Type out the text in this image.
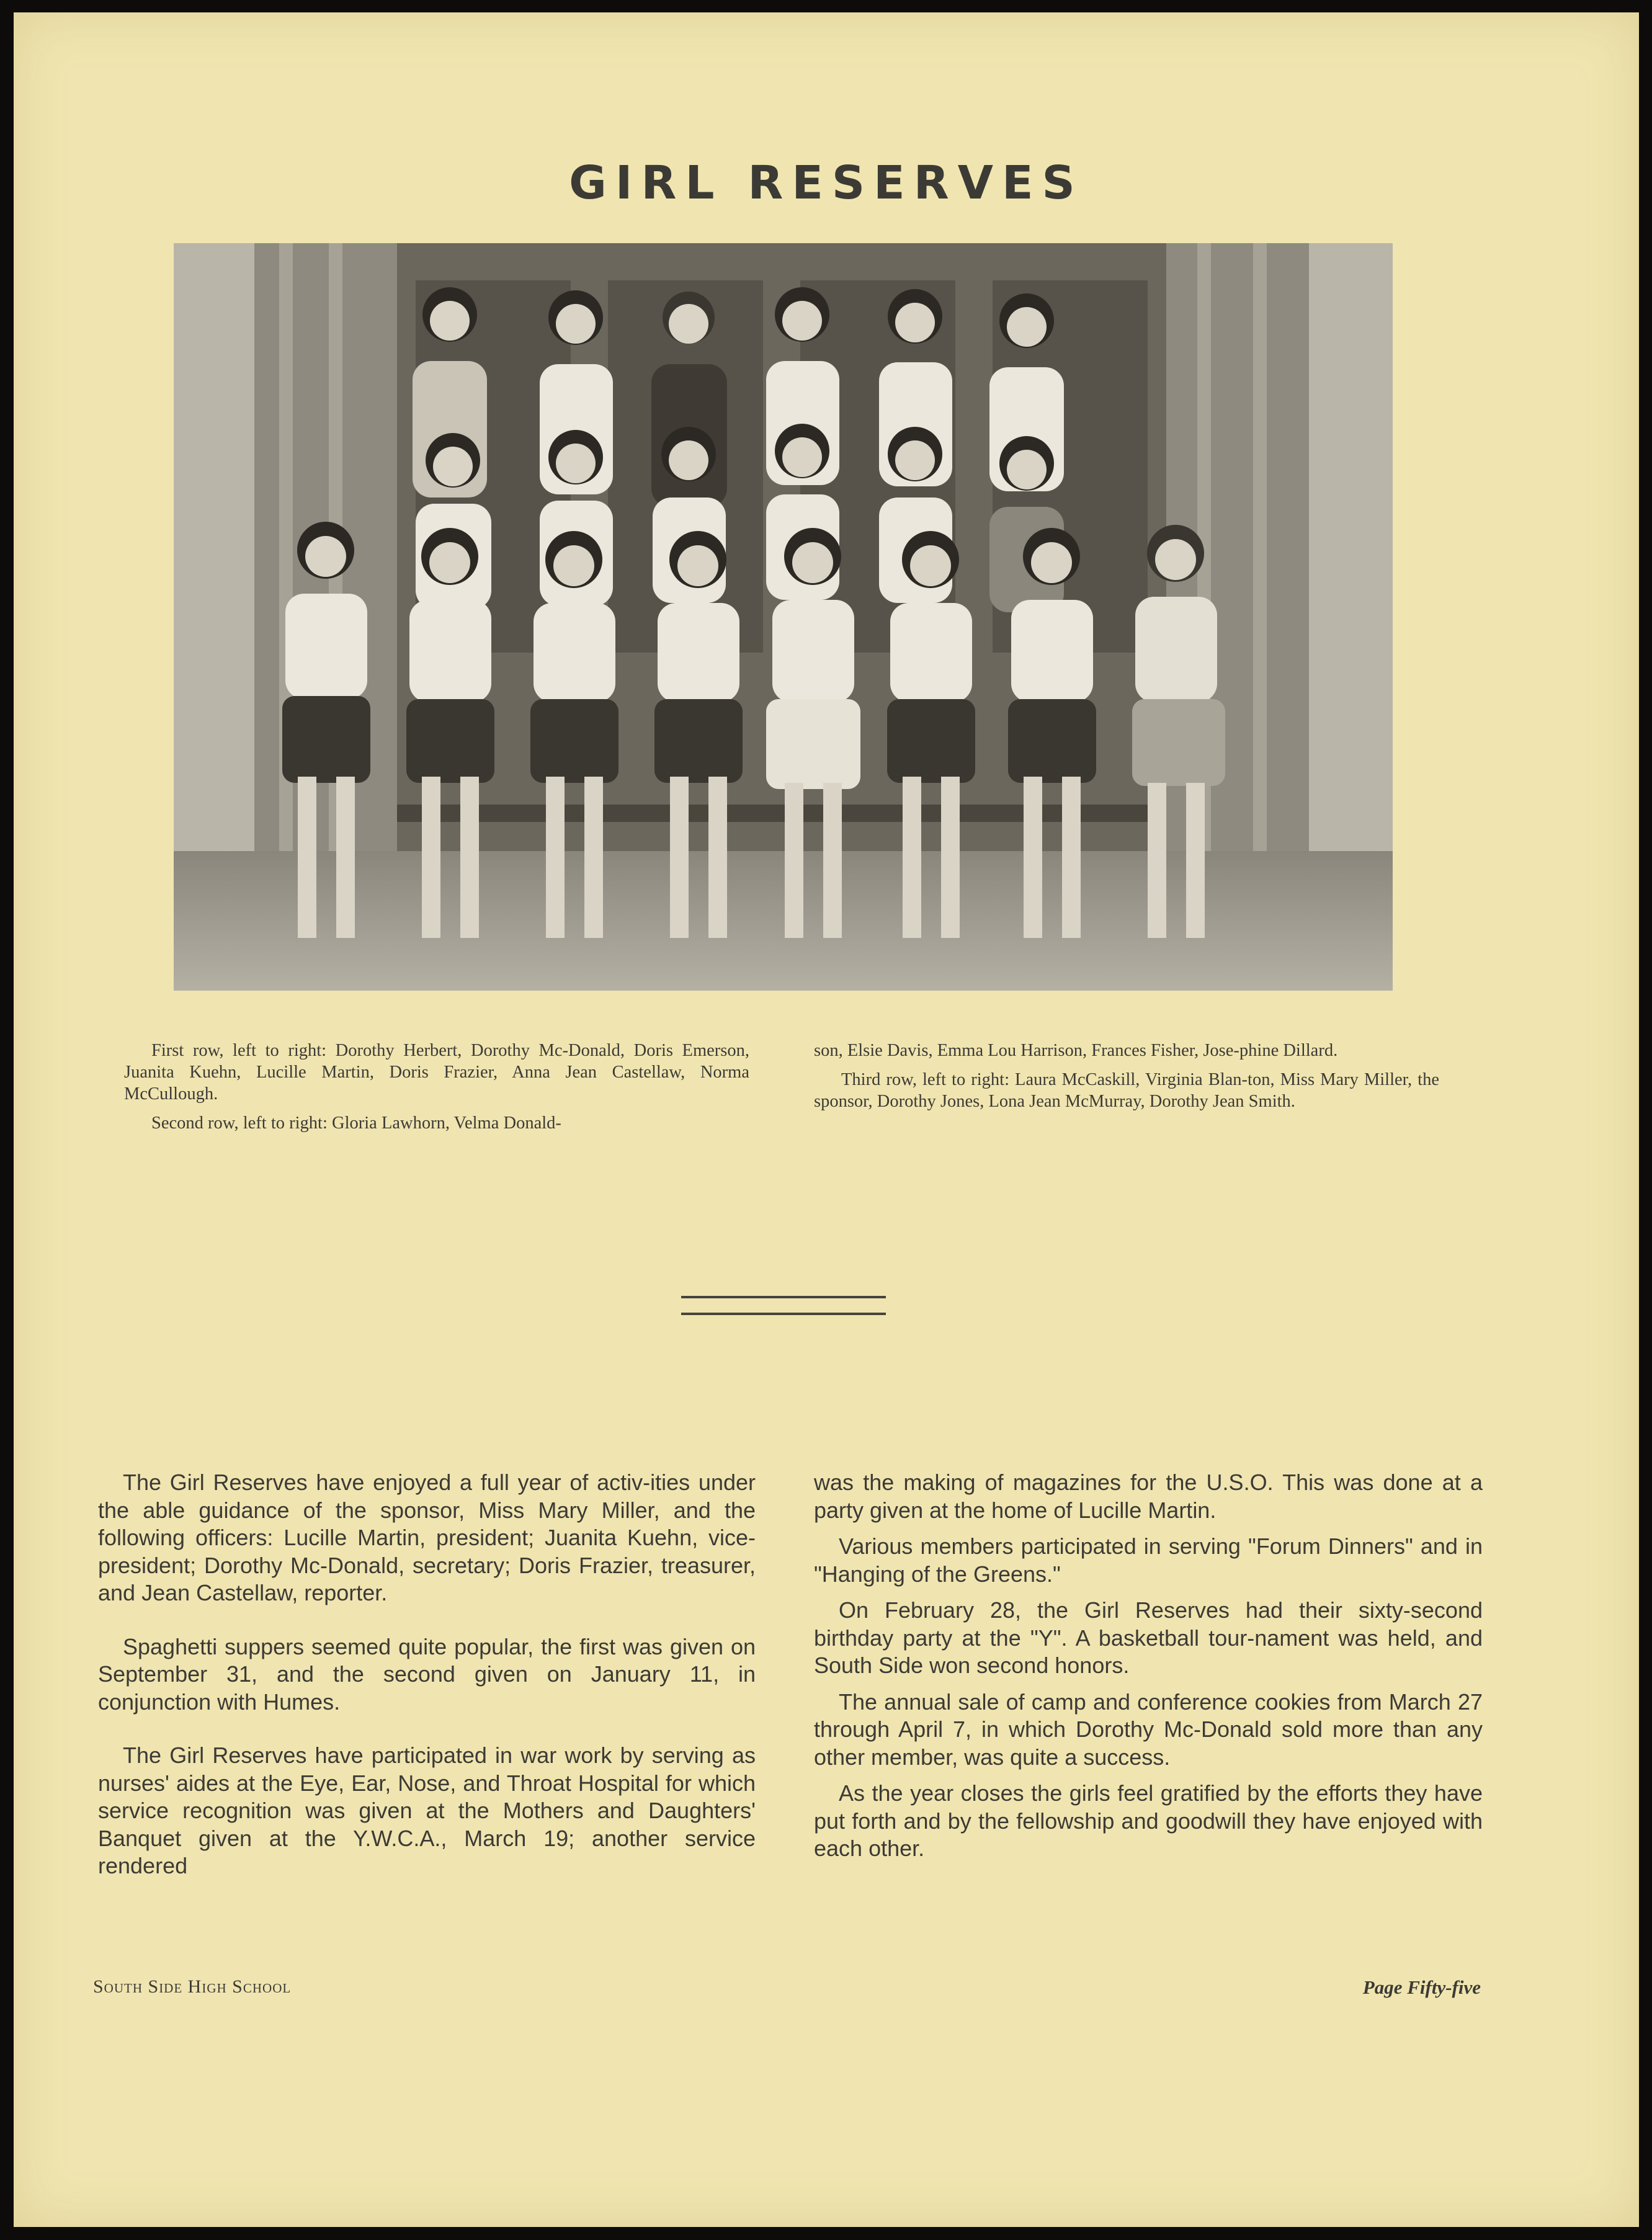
GIRL RESERVES

First row, left to right: Dorothy Herbert, Dorothy Mc-Donald, Doris Emerson, Juanita Kuehn, Lucille Martin, Doris Frazier, Anna Jean Castellaw, Norma McCullough.

Second row, left to right: Gloria Lawhorn, Velma Donald-

son, Elsie Davis, Emma Lou Harrison, Frances Fisher, Jose-phine Dillard.

Third row, left to right: Laura McCaskill, Virginia Blan-ton, Miss Mary Miller, the sponsor, Dorothy Jones, Lona Jean McMurray, Dorothy Jean Smith.

The Girl Reserves have enjoyed a full year of activ-ities under the able guidance of the sponsor, Miss Mary Miller, and the following officers: Lucille Martin, president; Juanita Kuehn, vice-president; Dorothy Mc-Donald, secretary; Doris Frazier, treasurer, and Jean Castellaw, reporter.

Spaghetti suppers seemed quite popular, the first was given on September 31, and the second given on January 11, in conjunction with Humes.

The Girl Reserves have participated in war work by serving as nurses' aides at the Eye, Ear, Nose, and Throat Hospital for which service recognition was given at the Mothers and Daughters' Banquet given at the Y.W.C.A., March 19; another service rendered

was the making of magazines for the U.S.O. This was done at a party given at the home of Lucille Martin.

Various members participated in serving "Forum Dinners" and in "Hanging of the Greens."

On February 28, the Girl Reserves had their sixty-second birthday party at the "Y". A basketball tour-nament was held, and South Side won second honors.

The annual sale of camp and conference cookies from March 27 through April 7, in which Dorothy Mc-Donald sold more than any other member, was quite a success.

As the year closes the girls feel gratified by the efforts they have put forth and by the fellowship and goodwill they have enjoyed with each other.

South Side High School	Page Fifty-five
